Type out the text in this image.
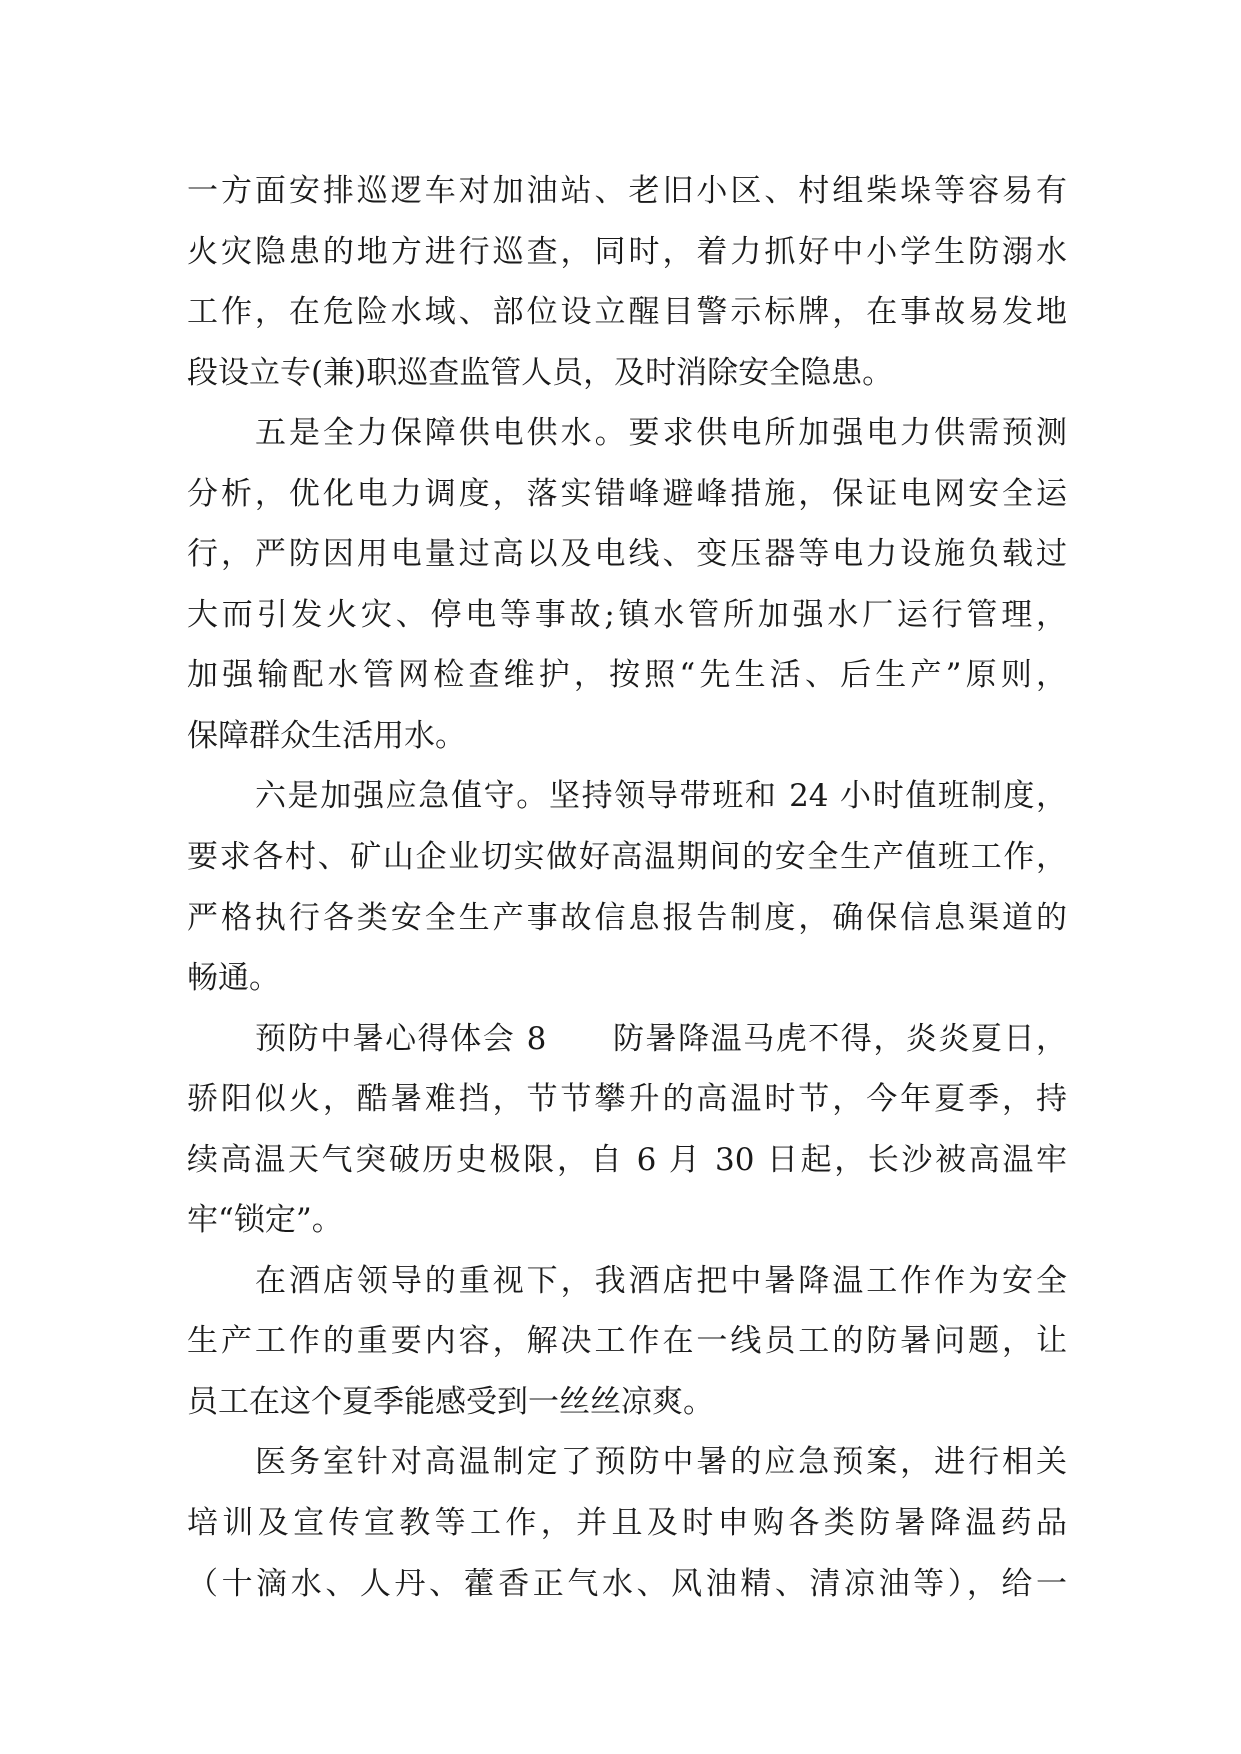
一方面安排巡逻车对加油站、老旧小区、村组柴垛等容易有
火灾隐患的地方进行巡查，同时，着力抓好中小学生防溺水
工作，在危险水域、部位设立醒目警示标牌，在事故易发地
段设立专(兼)职巡查监管人员，及时消除安全隐患。
五是全力保障供电供水。要求供电所加强电力供需预测
分析，优化电力调度，落实错峰避峰措施，保证电网安全运
行，严防因用电量过高以及电线、变压器等电力设施负载过
大而引发火灾、停电等事故;镇水管所加强水厂运行管理，
加强输配水管网检查维护，按照“先生活、后生产”原则，
保障群众生活用水。
六是加强应急值守。坚持领导带班和 24 小时值班制度，
要求各村、矿山企业切实做好高温期间的安全生产值班工作，
严格执行各类安全生产事故信息报告制度，确保信息渠道的
畅通。
预防中暑心得体会 8　　防暑降温马虎不得，炎炎夏日，
骄阳似火，酷暑难挡，节节攀升的高温时节，今年夏季，持
续高温天气突破历史极限，自 6 月 30 日起，长沙被高温牢
牢“锁定”。
在酒店领导的重视下，我酒店把中暑降温工作作为安全
生产工作的重要内容，解决工作在一线员工的防暑问题，让
员工在这个夏季能感受到一丝丝凉爽。
医务室针对高温制定了预防中暑的应急预案，进行相关
培训及宣传宣教等工作，并且及时申购各类防暑降温药品
（十滴水、人丹、藿香正气水、风油精、清凉油等），给一
